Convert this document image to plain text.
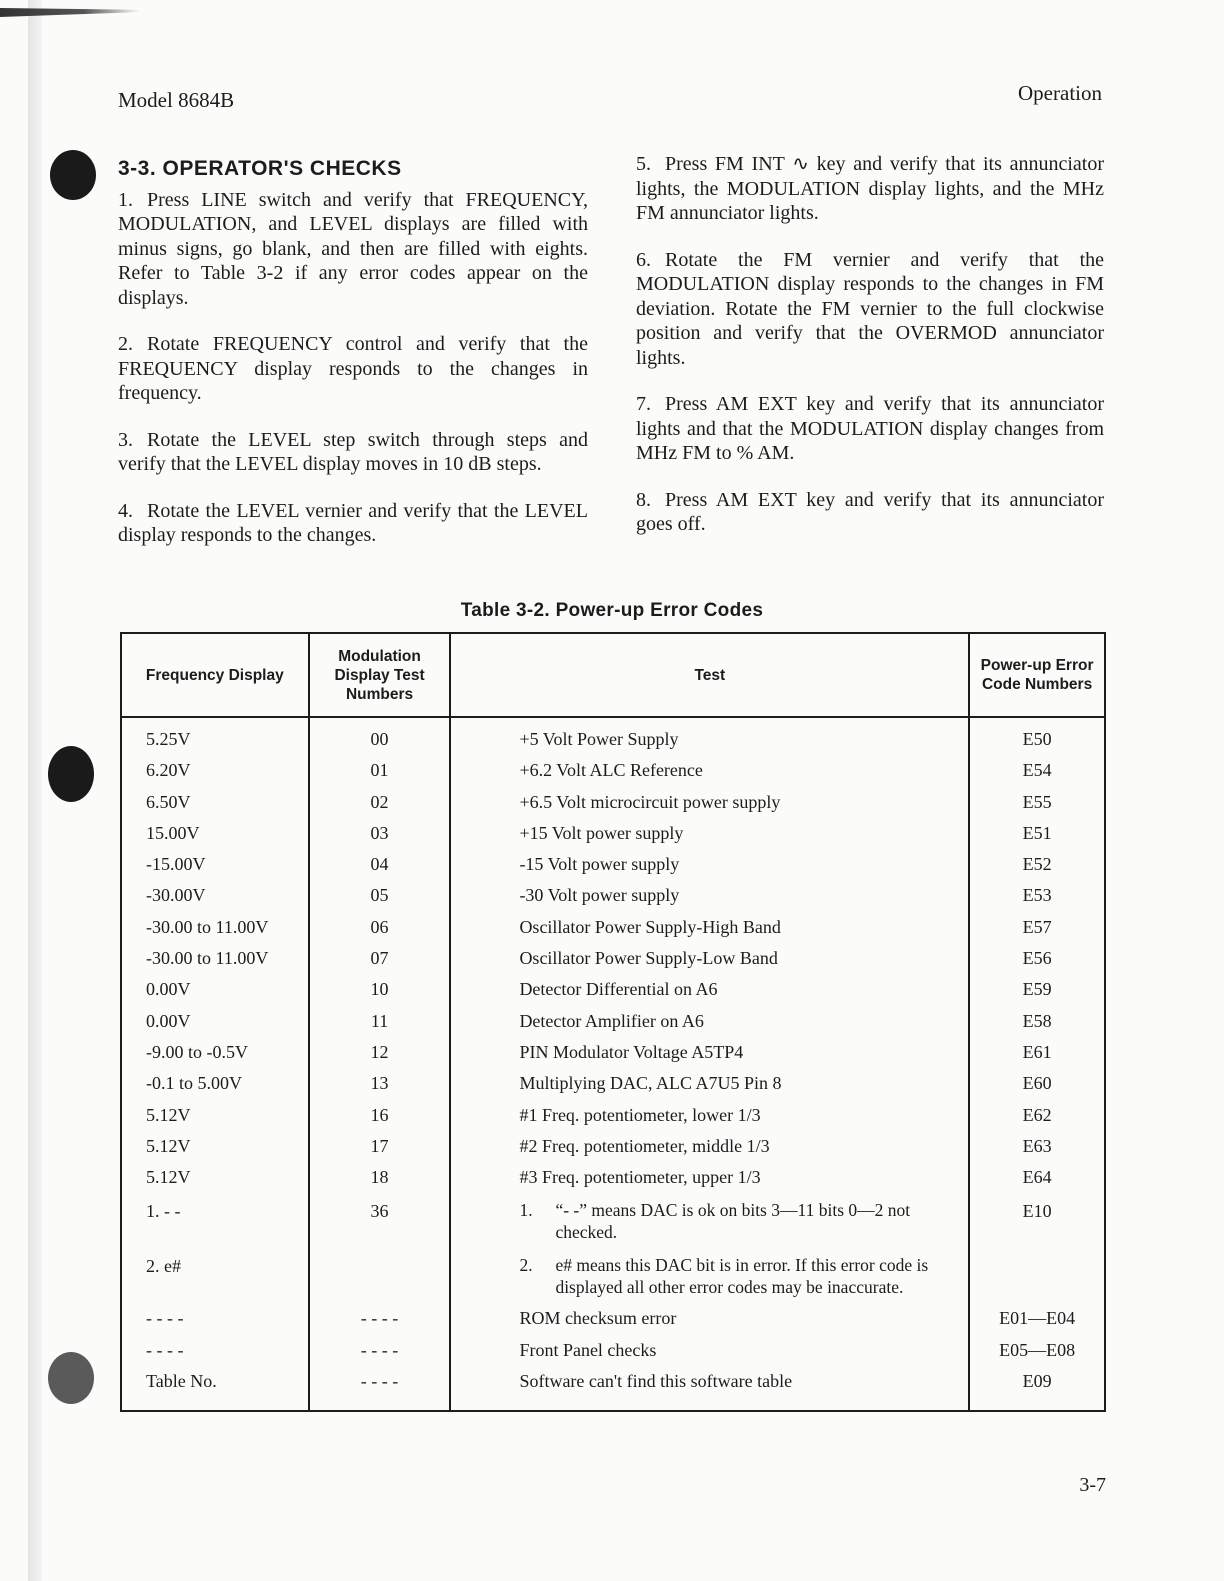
Model 8684B	Operation
3-3. OPERATOR'S CHECKS

1. Press LINE switch and verify that FREQUENCY, MODULATION, and LEVEL displays are filled with minus signs, go blank, and then are filled with eights. Refer to Table 3-2 if any error codes appear on the displays.

2. Rotate FREQUENCY control and verify that the FREQUENCY display responds to the changes in frequency.

3. Rotate the LEVEL step switch through steps and verify that the LEVEL display moves in 10 dB steps.

4. Rotate the LEVEL vernier and verify that the LEVEL display responds to the changes.

5. Press FM INT ∿ key and verify that its annunciator lights, the MODULATION display lights, and the MHz FM annunciator lights.

6. Rotate the FM vernier and verify that the MODULATION display responds to the changes in FM deviation. Rotate the FM vernier to the full clockwise position and verify that the OVERMOD annunciator lights.

7. Press AM EXT key and verify that its annunciator lights and that the MODULATION display changes from MHz FM to % AM.

8. Press AM EXT key and verify that its annunciator goes off.

Table 3-2. Power-up Error Codes
Frequency Display	Modulation Display Test Numbers	Test	Power-up Error Code Numbers
5.25V	00	+5 Volt Power Supply	E50
6.20V	01	+6.2 Volt ALC Reference	E54
6.50V	02	+6.5 Volt microcircuit power supply	E55
15.00V	03	+15 Volt power supply	E51
-15.00V	04	-15 Volt power supply	E52
-30.00V	05	-30 Volt power supply	E53
-30.00 to 11.00V	06	Oscillator Power Supply-High Band	E57
-30.00 to 11.00V	07	Oscillator Power Supply-Low Band	E56
0.00V	10	Detector Differential on A6	E59
0.00V	11	Detector Amplifier on A6	E58
-9.00 to -0.5V	12	PIN Modulator Voltage A5TP4	E61
-0.1 to 5.00V	13	Multiplying DAC, ALC A7U5 Pin 8	E60
5.12V	16	#1 Freq. potentiometer, lower 1/3	E62
5.12V	17	#2 Freq. potentiometer, middle 1/3	E63
5.12V	18	#3 Freq. potentiometer, upper 1/3	E64
1. - -	36	1. “- -” means DAC is ok on bits 3—11 bits 0—2 not checked.	E10
2. e#		2. e# means this DAC bit is in error. If this error code is displayed all other error codes may be inaccurate.	

- - - -	- - - -	ROM checksum error	E01—E04
- - - -	- - - -	Front Panel checks	E05—E08
Table No.	- - - -	Software can't find this software table	E09
3-7
